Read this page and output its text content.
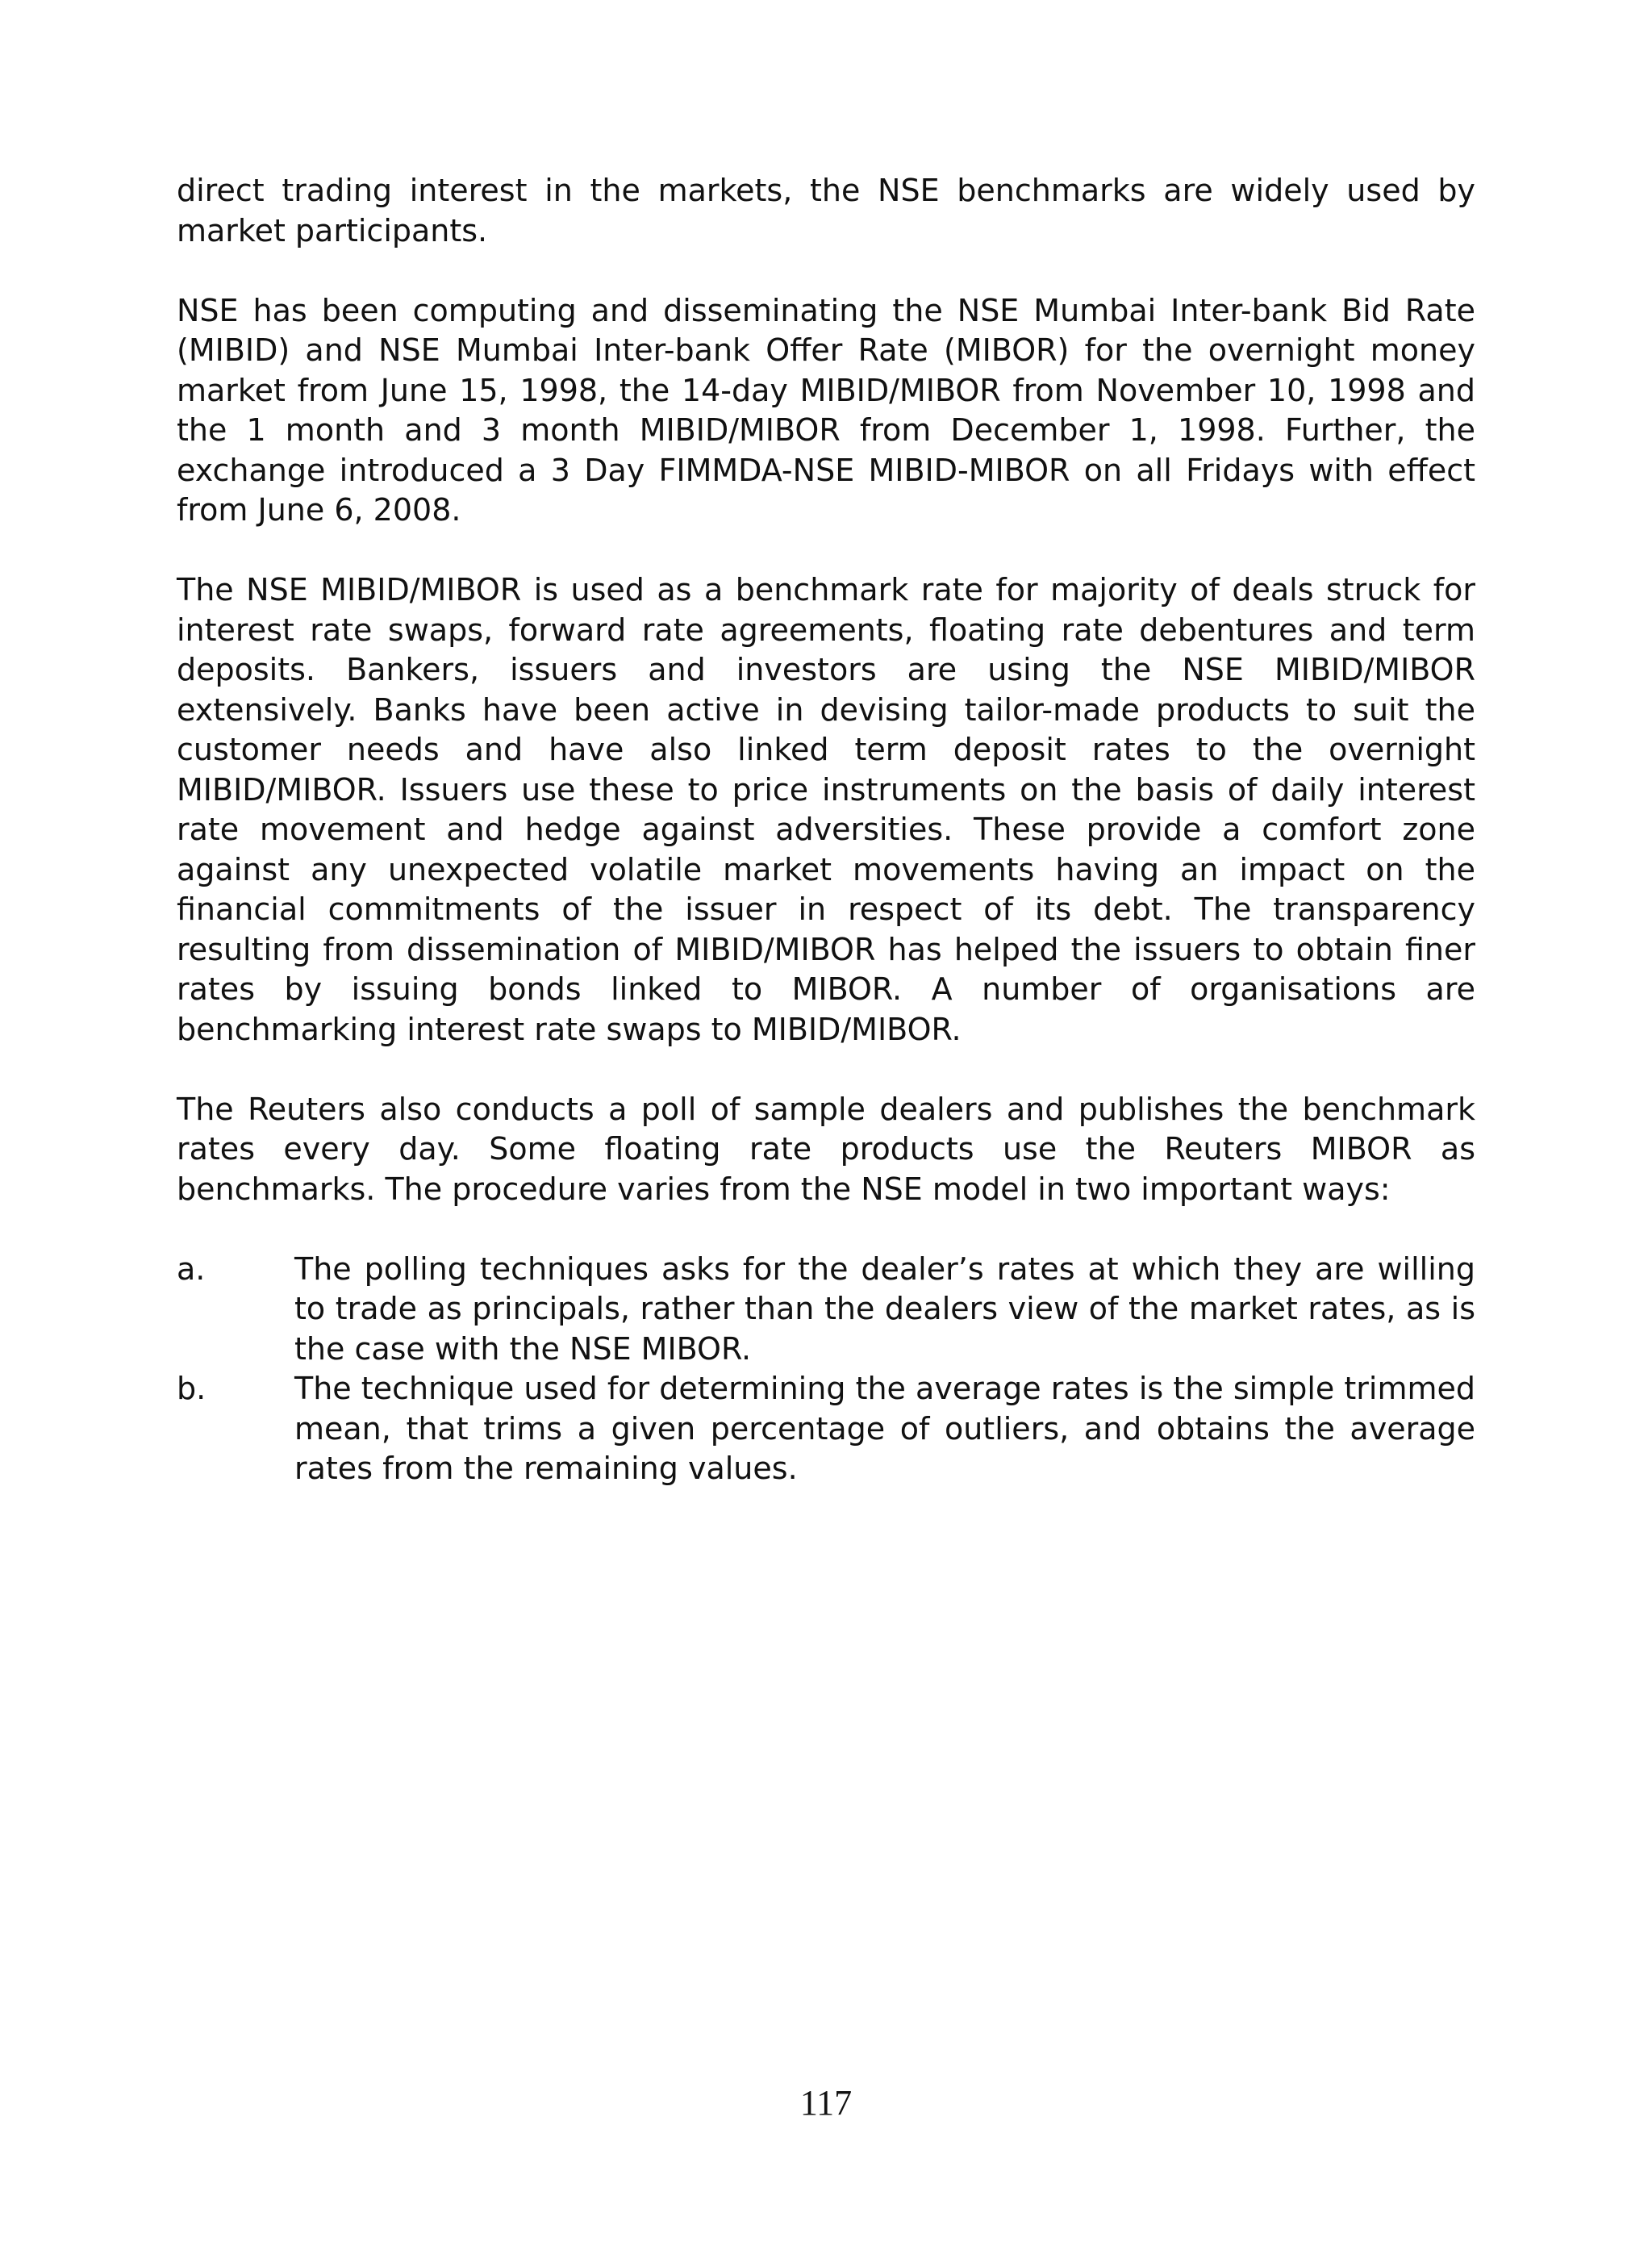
direct trading interest in the markets, the NSE benchmarks are widely used by market participants.

NSE has been computing and disseminating the NSE Mumbai Inter-bank Bid Rate (MIBID) and NSE Mumbai Inter-bank Offer Rate (MIBOR) for the overnight money market from June 15, 1998, the 14-day MIBID/MIBOR from November 10, 1998 and the 1 month and 3 month MIBID/MIBOR from December 1, 1998. Further, the exchange introduced a 3 Day FIMMDA-NSE MIBID-MIBOR on all Fridays with effect from June 6, 2008.

The NSE MIBID/MIBOR is used as a benchmark rate for majority of deals struck for interest rate swaps, forward rate agreements, floating rate debentures and term deposits. Bankers, issuers and investors are using the NSE MIBID/MIBOR extensively. Banks have been active in devising tailor-made products to suit the customer needs and have also linked term deposit rates to the overnight MIBID/MIBOR. Issuers use these to price instruments on the basis of daily interest rate movement and hedge against adversities. These provide a comfort zone against any unexpected volatile market movements having an impact on the financial commitments of the issuer in respect of its debt. The transparency resulting from dissemination of MIBID/MIBOR has helped the issuers to obtain finer rates by issuing bonds linked to MIBOR. A number of organisations are benchmarking interest rate swaps to MIBID/MIBOR.

The Reuters also conducts a poll of sample dealers and publishes the benchmark rates every day. Some floating rate products use the Reuters MIBOR as benchmarks. The procedure varies from the NSE model in two important ways:

a.	The polling techniques asks for the dealer’s rates at which they are willing to trade as principals, rather than the dealers view of the market rates, as is the case with the NSE MIBOR.
b.	The technique used for determining the average rates is the simple trimmed mean, that trims a given percentage of outliers, and obtains the average rates from the remaining values.
117
